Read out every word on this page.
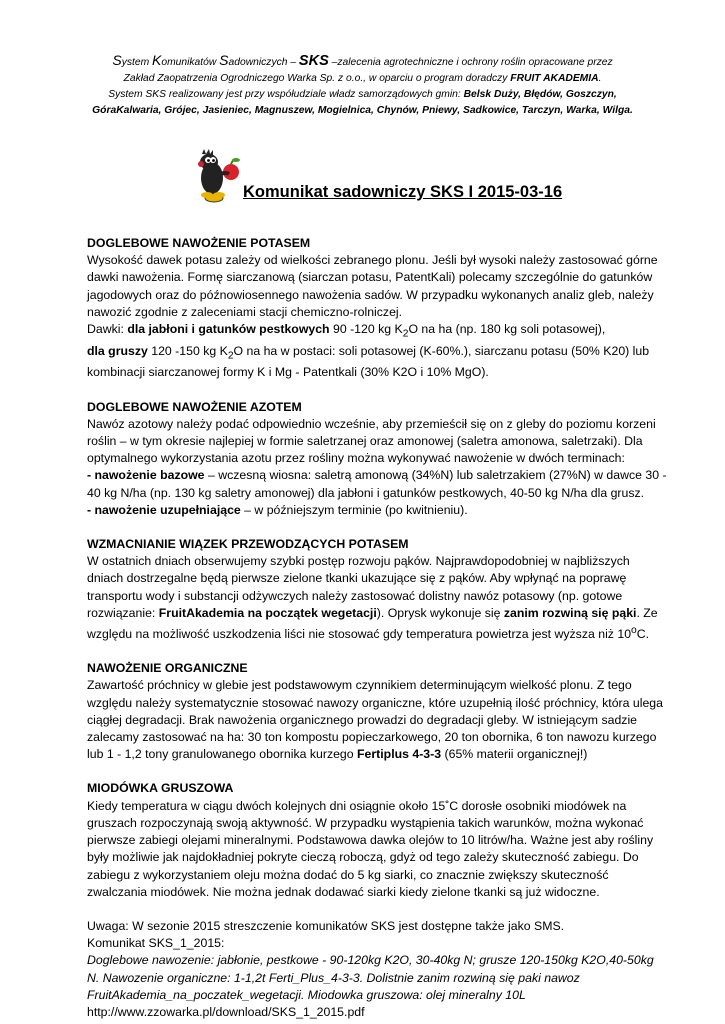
System Komunikatów Sadowniczych – SKS –zalecenia agrotechniczne i ochrony roślin opracowane przez
Zakład Zaopatrzenia Ogrodniczego Warka Sp. z o.o., w oparciu o program doradczy FRUIT AKADEMIA.
System SKS realizowany jest przy współudziale władz samorządowych gmin: Belsk Duży, Błędów, Goszczyn,
GóraKalwaria, Grójec, Jasieniec, Magnuszew, Mogielnica, Chynów, Pniewy, Sadkowice, Tarczyn, Warka, Wilga.
Komunikat sadowniczy SKS I 2015-03-16
DOGLEBOWE NAWOŻENIE POTASEM

Wysokość dawek potasu zależy od wielkości zebranego plonu. Jeśli był wysoki należy zastosować górne dawki nawożenia. Formę siarczanową (siarczan potasu, PatentKali) polecamy szczególnie do gatunków jagodowych oraz do późnowiosennego nawożenia sadów. W przypadku wykonanych analiz gleb, należy nawozić zgodnie z zaleceniami stacji chemiczno-rolniczej.

Dawki: dla jabłoni i gatunków pestkowych 90 -120 kg $K_2O$ na ha (np. 180 kg soli potasowej),

dla gruszy 120 -150 kg $K_2O$ na ha w postaci: soli potasowej (K-60%.), siarczanu potasu (50% K20) lub kombinacji siarczanowej formy K i Mg - Patentkali (30% K2O i 10% MgO).

DOGLEBOWE NAWOŻENIE AZOTEM

Nawóz azotowy należy podać odpowiednio wcześnie, aby przemieścił się on z gleby do poziomu korzeni roślin – w tym okresie najlepiej w formie saletrzanej oraz amonowej (saletra amonowa, saletrzaki). Dla optymalnego wykorzystania azotu przez rośliny można wykonywać nawożenie w dwóch terminach:

- nawożenie bazowe – wczesną wiosna: saletrą amonową (34%N) lub saletrzakiem (27%N) w dawce 30 - 40 kg N/ha (np. 130 kg saletry amonowej) dla jabłoni i gatunków pestkowych, 40-50 kg N/ha dla grusz.

- nawożenie uzupełniające – w późniejszym terminie (po kwitnieniu).

WZMACNIANIE WIĄZEK PRZEWODZĄCYCH POTASEM

W ostatnich dniach obserwujemy szybki postęp rozwoju pąków. Najprawdopodobniej w najbliższych dniach dostrzegalne będą pierwsze zielone tkanki ukazujące się z pąków. Aby wpłynąć na poprawę transportu wody i substancji odżywczych należy zastosować dolistny nawóz potasowy (np. gotowe rozwiązanie: FruitAkademia na początek wegetacji). Oprysk wykonuje się zanim rozwiną się pąki. Ze względu na możliwość uszkodzenia liści nie stosować gdy temperatura powietrza jest wyższa niż 10$^o$C.

NAWOŻENIE ORGANICZNE

Zawartość próchnicy w glebie jest podstawowym czynnikiem determinującym wielkość plonu. Z tego względu należy systematycznie stosować nawozy organiczne, które uzupełnią ilość próchnicy, która ulega ciągłej degradacji. Brak nawożenia organicznego prowadzi do degradacji gleby. W istniejącym sadzie zalecamy zastosować na ha: 30 ton kompostu popieczarkowego, 20 ton obornika, 6 ton nawozu kurzego lub 1 - 1,2 tony granulowanego obornika kurzego Fertiplus 4-3-3 (65% materii organicznej!)

MIODÓWKA GRUSZOWA

Kiedy temperatura w ciągu dwóch kolejnych dni osiągnie około 15˚C dorosłe osobniki miodówek na gruszach rozpoczynają swoją aktywność. W przypadku wystąpienia takich warunków, można wykonać pierwsze zabiegi olejami mineralnymi. Podstawowa dawka olejów to 10 litrów/ha. Ważne jest aby rośliny były możliwie jak najdokładniej pokryte cieczą roboczą, gdyż od tego zależy skuteczność zabiegu. Do zabiegu z wykorzystaniem oleju można dodać do 5 kg siarki, co znacznie zwiększy skuteczność zwalczania miodówek. Nie można jednak dodawać siarki kiedy zielone tkanki są już widoczne.

Uwaga: W sezonie 2015 streszczenie komunikatów SKS jest dostępne także jako SMS.

Komunikat SKS_1_2015:

Doglebowe nawozenie: jabłonie, pestkowe - 90-120kg K2O, 30-40kg N; grusze 120-150kg K2O,40-50kg N. Nawozenie organiczne: 1-1,2t Ferti_Plus_4-3-3. Dolistnie zanim rozwiną się paki nawoz FruitAkademia_na_poczatek_wegetacji. Miodowka gruszowa: olej mineralny 10L

http://www.zzowarka.pl/download/SKS_1_2015.pdf
